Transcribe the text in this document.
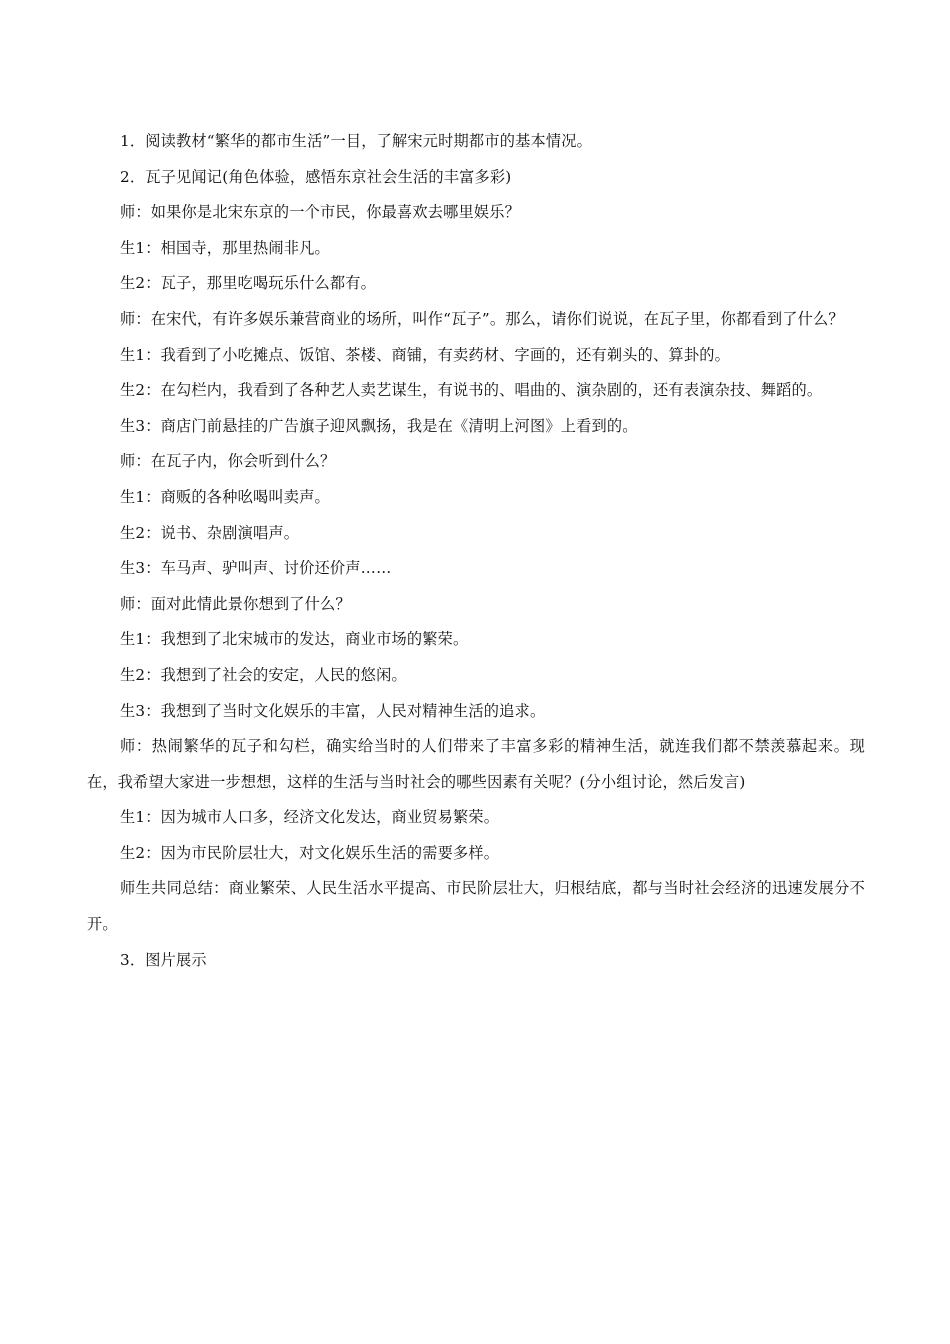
1．阅读教材“繁华的都市生活”一目，了解宋元时期都市的基本情况。

2．瓦子见闻记(角色体验，感悟东京社会生活的丰富多彩)

师：如果你是北宋东京的一个市民，你最喜欢去哪里娱乐？

生1：相国寺，那里热闹非凡。

生2：瓦子，那里吃喝玩乐什么都有。

师：在宋代，有许多娱乐兼营商业的场所，叫作“瓦子”。那么，请你们说说，在瓦子里，你都看到了什么？

生1：我看到了小吃摊点、饭馆、茶楼、商铺，有卖药材、字画的，还有剃头的、算卦的。

生2：在勾栏内，我看到了各种艺人卖艺谋生，有说书的、唱曲的、演杂剧的，还有表演杂技、舞蹈的。

生3：商店门前悬挂的广告旗子迎风飘扬，我是在《清明上河图》上看到的。

师：在瓦子内，你会听到什么？

生1：商贩的各种吆喝叫卖声。

生2：说书、杂剧演唱声。

生3：车马声、驴叫声、讨价还价声……

师：面对此情此景你想到了什么？

生1：我想到了北宋城市的发达，商业市场的繁荣。

生2：我想到了社会的安定，人民的悠闲。

生3：我想到了当时文化娱乐的丰富，人民对精神生活的追求。

师：热闹繁华的瓦子和勾栏，确实给当时的人们带来了丰富多彩的精神生活，就连我们都不禁羡慕起来。现在，我希望大家进一步想想，这样的生活与当时社会的哪些因素有关呢？(分小组讨论，然后发言)

生1：因为城市人口多，经济文化发达，商业贸易繁荣。

生2：因为市民阶层壮大，对文化娱乐生活的需要多样。

师生共同总结：商业繁荣、人民生活水平提高、市民阶层壮大，归根结底，都与当时社会经济的迅速发展分不开。

3．图片展示
